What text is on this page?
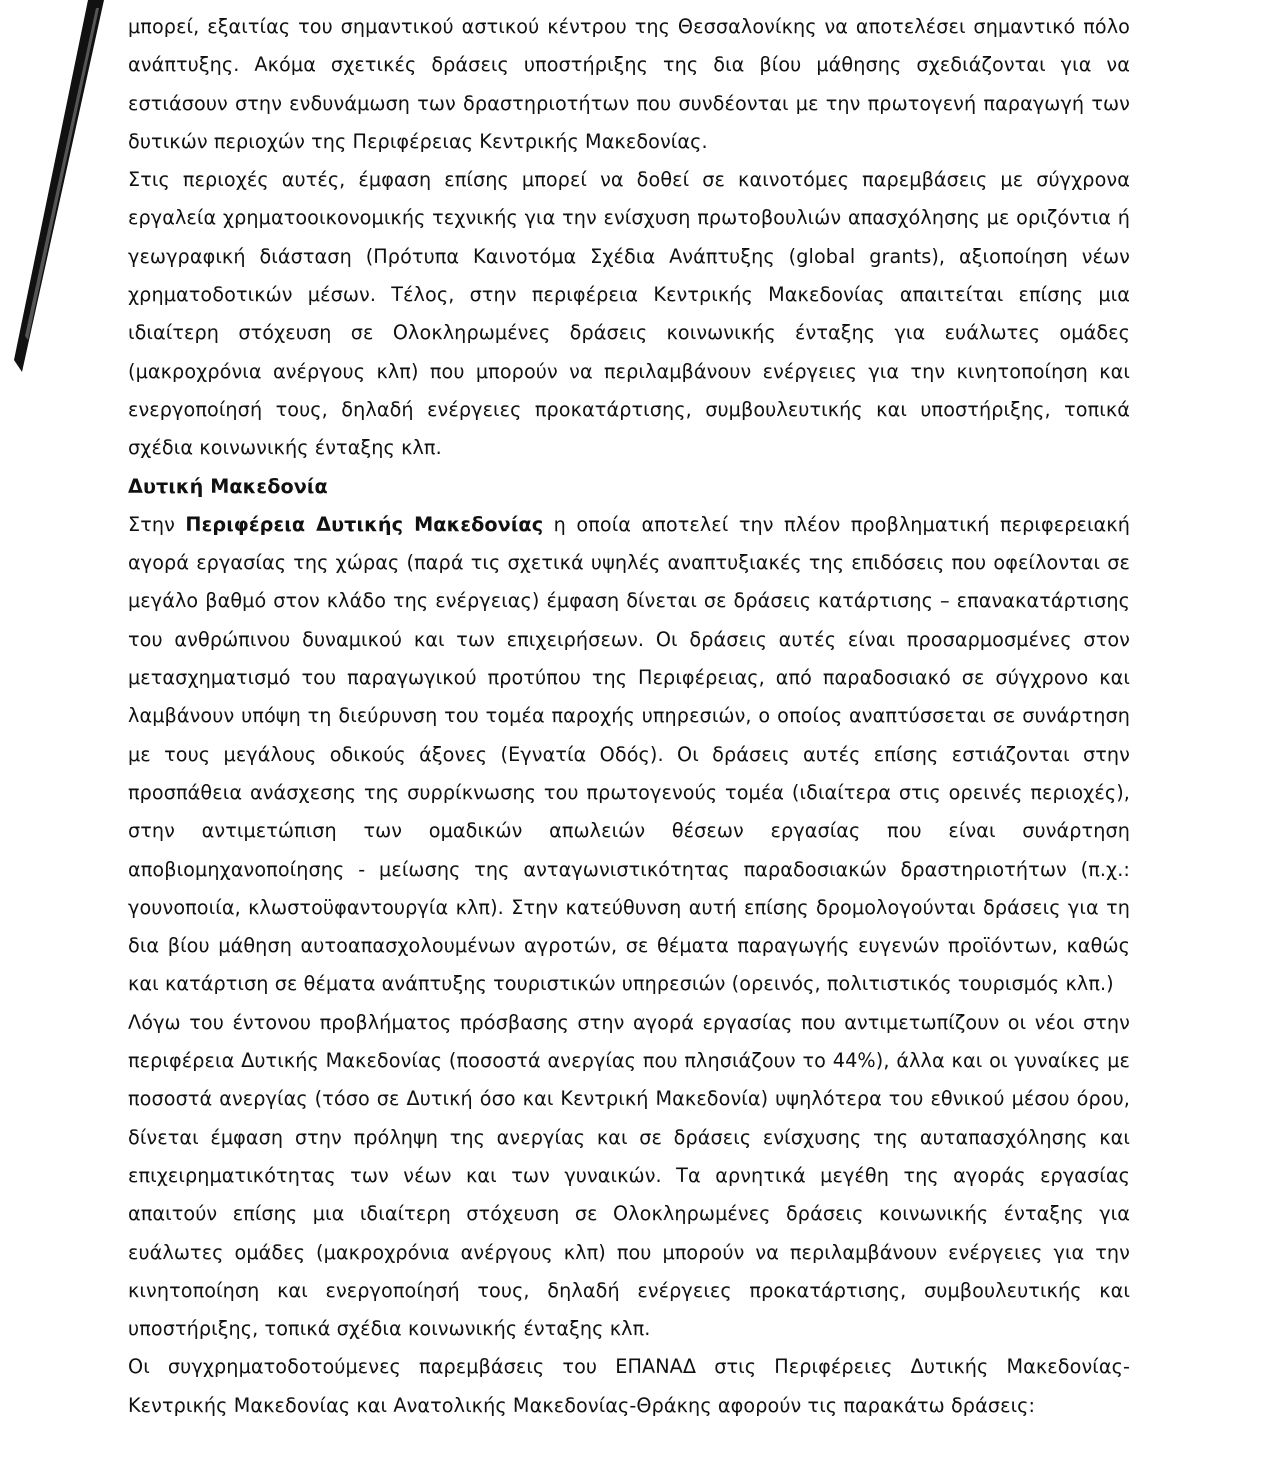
μπορεί, εξαιτίας του σημαντικού αστικού κέντρου της Θεσσαλονίκης να αποτελέσει σημαντικό πόλο ανάπτυξης. Ακόμα σχετικές δράσεις υποστήριξης της δια βίου μάθησης σχεδιάζονται για να εστιάσουν στην ενδυνάμωση των δραστηριοτήτων που συνδέονται με την πρωτογενή παραγωγή των δυτικών περιοχών της Περιφέρειας Κεντρικής Μακεδονίας.

Στις περιοχές αυτές, έμφαση επίσης μπορεί να δοθεί σε καινοτόμες παρεμβάσεις με σύγχρονα εργαλεία χρηματοοικονομικής τεχνικής για την ενίσχυση πρωτοβουλιών απασχόλησης με οριζόντια ή γεωγραφική διάσταση (Πρότυπα Καινοτόμα Σχέδια Ανάπτυξης (global grants), αξιοποίηση νέων χρηματοδοτικών μέσων. Τέλος, στην περιφέρεια Κεντρικής Μακεδονίας απαιτείται επίσης μια ιδιαίτερη στόχευση σε Ολοκληρωμένες δράσεις κοινωνικής ένταξης για ευάλωτες ομάδες (μακροχρόνια ανέργους κλπ) που μπορούν να περιλαμβάνουν ενέργειες για την κινητοποίηση και ενεργοποίησή τους, δηλαδή ενέργειες προκατάρτισης, συμβουλευτικής και υποστήριξης, τοπικά σχέδια κοινωνικής ένταξης κλπ.

Δυτική Μακεδονία

Στην Περιφέρεια Δυτικής Μακεδονίας η οποία αποτελεί την πλέον προβληματική περιφερειακή αγορά εργασίας της χώρας (παρά τις σχετικά υψηλές αναπτυξιακές της επιδόσεις που οφείλονται σε μεγάλο βαθμό στον κλάδο της ενέργειας) έμφαση δίνεται σε δράσεις κατάρτισης – επανακατάρτισης του ανθρώπινου δυναμικού και των επιχειρήσεων. Οι δράσεις αυτές είναι προσαρμοσμένες στον μετασχηματισμό του παραγωγικού προτύπου της Περιφέρειας, από παραδοσιακό σε σύγχρονο και λαμβάνουν υπόψη τη διεύρυνση του τομέα παροχής υπηρεσιών, ο οποίος αναπτύσσεται σε συνάρτηση με τους μεγάλους οδικούς άξονες (Εγνατία Οδός). Οι δράσεις αυτές επίσης εστιάζονται στην προσπάθεια ανάσχεσης της συρρίκνωσης του πρωτογενούς τομέα (ιδιαίτερα στις ορεινές περιοχές), στην αντιμετώπιση των ομαδικών απωλειών θέσεων εργασίας που είναι συνάρτηση αποβιομηχανοποίησης - μείωσης της ανταγωνιστικότητας παραδοσιακών δραστηριοτήτων (π.χ.: γουνοποιία, κλωστοϋφαντουργία κλπ). Στην κατεύθυνση αυτή επίσης δρομολογούνται δράσεις για τη δια βίου μάθηση αυτοαπασχολουμένων αγροτών, σε θέματα παραγωγής ευγενών προϊόντων, καθώς και κατάρτιση σε θέματα ανάπτυξης τουριστικών υπηρεσιών (ορεινός, πολιτιστικός τουρισμός κλπ.)

Λόγω του έντονου προβλήματος πρόσβασης στην αγορά εργασίας που αντιμετωπίζουν οι νέοι στην περιφέρεια Δυτικής Μακεδονίας (ποσοστά ανεργίας που πλησιάζουν το 44%), άλλα και οι γυναίκες με ποσοστά ανεργίας (τόσο σε Δυτική όσο και Κεντρική Μακεδονία) υψηλότερα του εθνικού μέσου όρου, δίνεται έμφαση στην πρόληψη της ανεργίας και σε δράσεις ενίσχυσης της αυταπασχόλησης και επιχειρηματικότητας των νέων και των γυναικών. Τα αρνητικά μεγέθη της αγοράς εργασίας απαιτούν επίσης μια ιδιαίτερη στόχευση σε Ολοκληρωμένες δράσεις κοινωνικής ένταξης για ευάλωτες ομάδες (μακροχρόνια ανέργους κλπ) που μπορούν να περιλαμβάνουν ενέργειες για την κινητοποίηση και ενεργοποίησή τους, δηλαδή ενέργειες προκατάρτισης, συμβουλευτικής και υποστήριξης, τοπικά σχέδια κοινωνικής ένταξης κλπ.

Οι συγχρηματοδοτούμενες παρεμβάσεις του ΕΠΑΝΑΔ στις Περιφέρειες Δυτικής Μακεδονίας-Κεντρικής Μακεδονίας και Ανατολικής Μακεδονίας-Θράκης αφορούν τις παρακάτω δράσεις:
